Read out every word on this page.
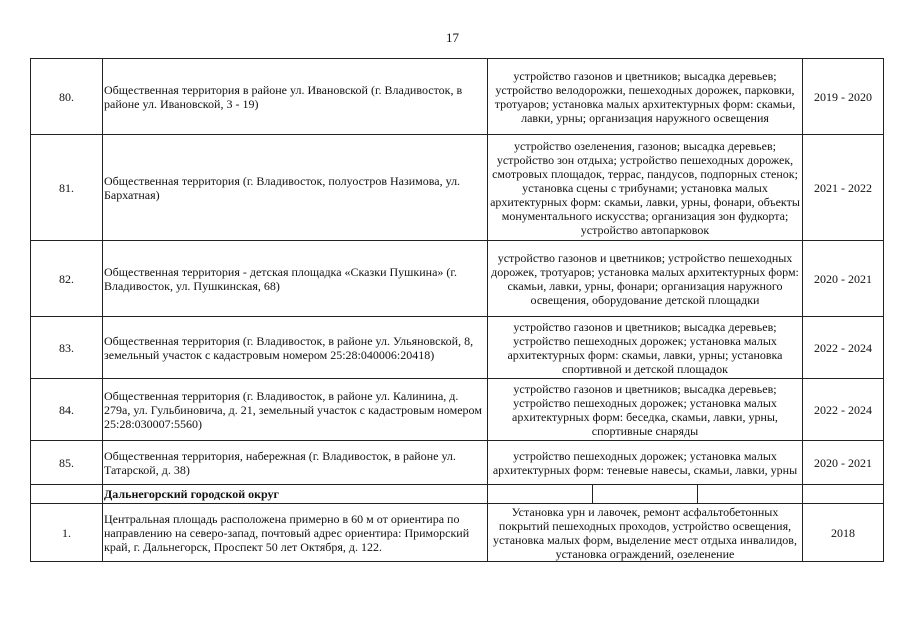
17
80.	Общественная территория в районе ул. Ивановской (г. Владивосток, в районе ул. Ивановской, 3 - 19)	устройство газонов и цветников; высадка деревьев; устройство велодорожки, пешеходных дорожек, парковки, тротуаров; установка малых архитектурных форм: скамьи, лавки, урны; организация наружного освещения	2019 - 2020
81.	Общественная территория (г. Владивосток, полуостров Назимова, ул. Бархатная)	устройство озеленения, газонов; высадка деревьев; устройство зон отдыха; устройство пешеходных дорожек, смотровых площадок, террас, пандусов, подпорных стенок; установка сцены с трибунами; установка малых архитектурных форм: скамьи, лавки, урны, фонари, объекты монументального искусства; организация зон фудкорта; устройство автопарковок	2021 - 2022
82.	Общественная территория - детская площадка «Сказки Пушкина» (г. Владивосток, ул. Пушкинская, 68)	устройство газонов и цветников; устройство пешеходных дорожек, тротуаров; установка малых архитектурных форм: скамьи, лавки, урны, фонари; организация наружного освещения, оборудование детской площадки	2020 - 2021
83.	Общественная территория (г. Владивосток, в районе ул. Ульяновской, 8, земельный участок с кадастровым номером 25:28:040006:20418)	устройство газонов и цветников; высадка деревьев; устройство пешеходных дорожек; установка малых архитектурных форм: скамьи, лавки, урны; установка спортивной и детской площадок	2022 - 2024
84.	Общественная территория (г. Владивосток, в районе ул. Калинина, д. 279а, ул. Гульбиновича, д. 21, земельный участок с кадастровым номером 25:28:030007:5560)	устройство газонов и цветников; высадка деревьев; устройство пешеходных дорожек; установка малых архитектурных форм: беседка, скамьи, лавки, урны, спортивные снаряды	2022 - 2024
85.	Общественная территория, набережная (г. Владивосток, в районе ул. Татарской, д. 38)	устройство пешеходных дорожек; установка малых архитектурных форм: теневые навесы, скамьи, лавки, урны	2020 - 2021
	Дальнегорский городской округ	

1.	Центральная площадь расположена примерно в 60 м от ориентира по направлению на северо-запад, почтовый адрес ориентира: Приморский край, г. Дальнегорск, Проспект 50 лет Октября, д. 122.	Установка урн и лавочек, ремонт асфальтобетонных покрытий пешеходных проходов, устройство освещения, установка малых форм, выделение мест отдыха инвалидов, установка ограждений, озеленение	2018
